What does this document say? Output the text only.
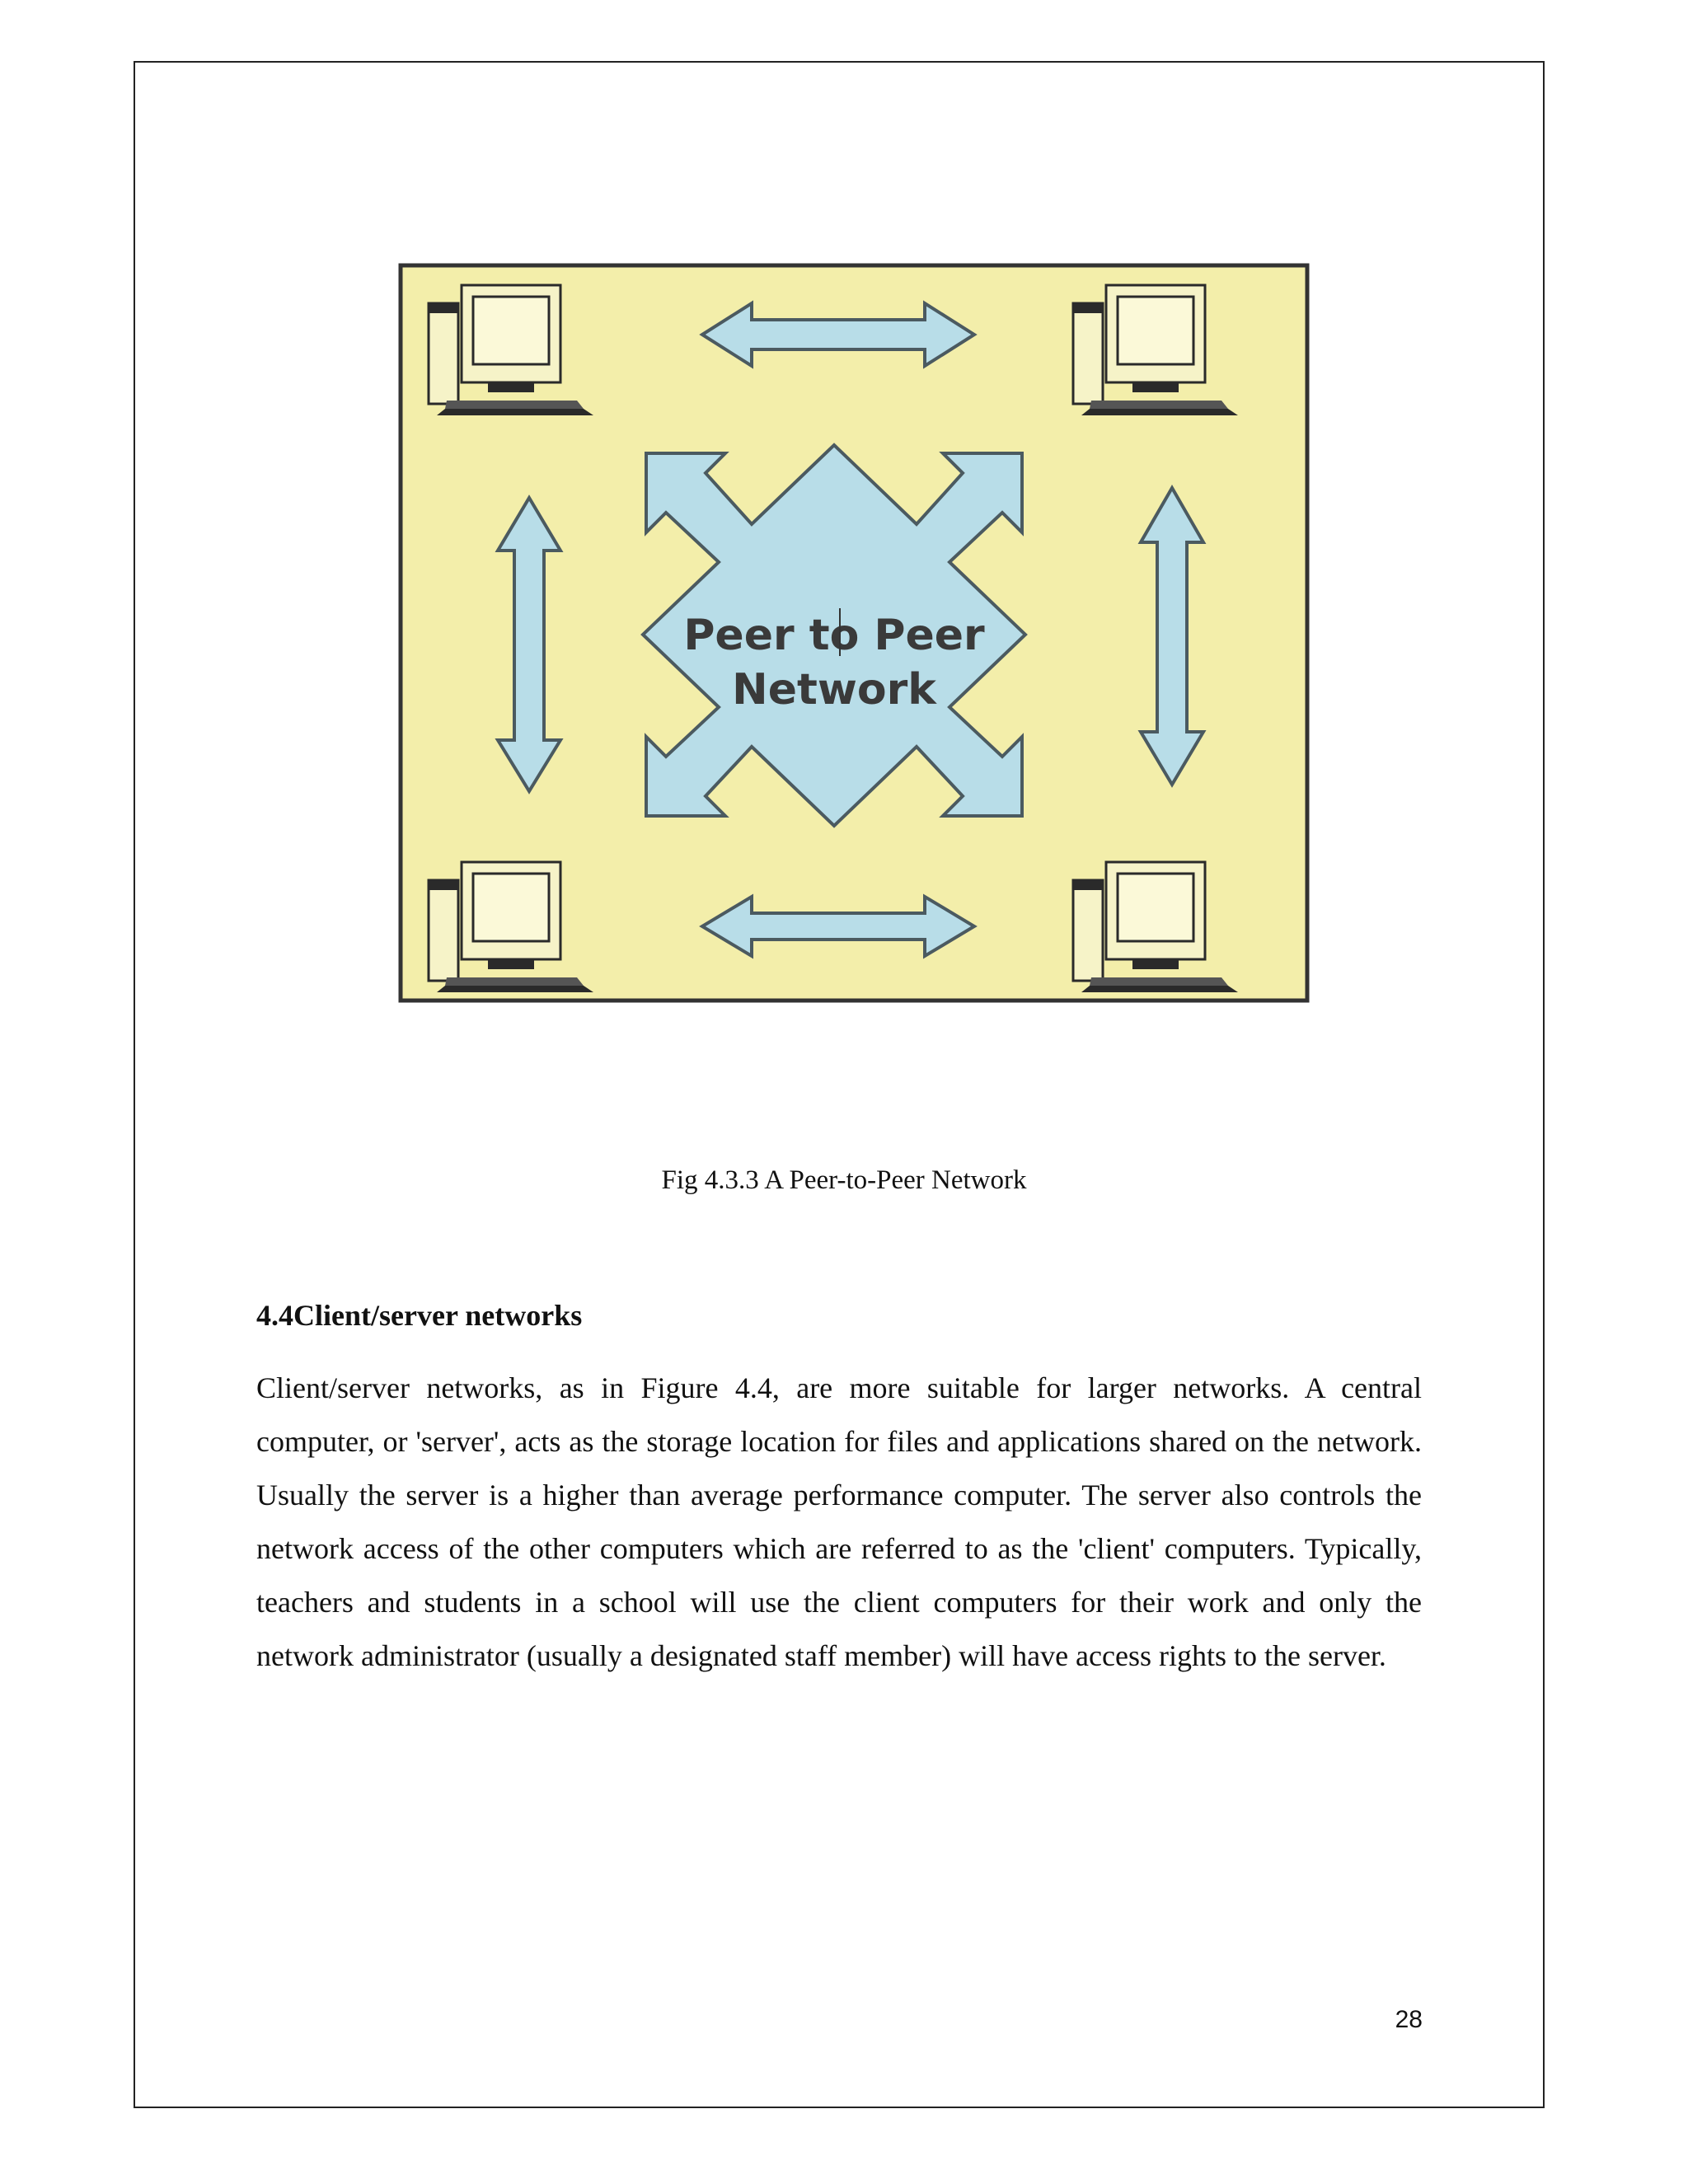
Peer to Peer
Network
Fig 4.3.3 A Peer-to-Peer Network
4.4Client/server networks

Client/server networks, as in Figure 4.4, are more suitable for larger networks. A central computer, or 'server', acts as the storage location for files and applications shared on the network. Usually the server is a higher than average performance computer. The server also controls the network access of the other computers which are referred to as the 'client' computers. Typically, teachers and students in a school will use the client computers for their work and only the network administrator (usually a designated staff member) will have access rights to the server.

28
